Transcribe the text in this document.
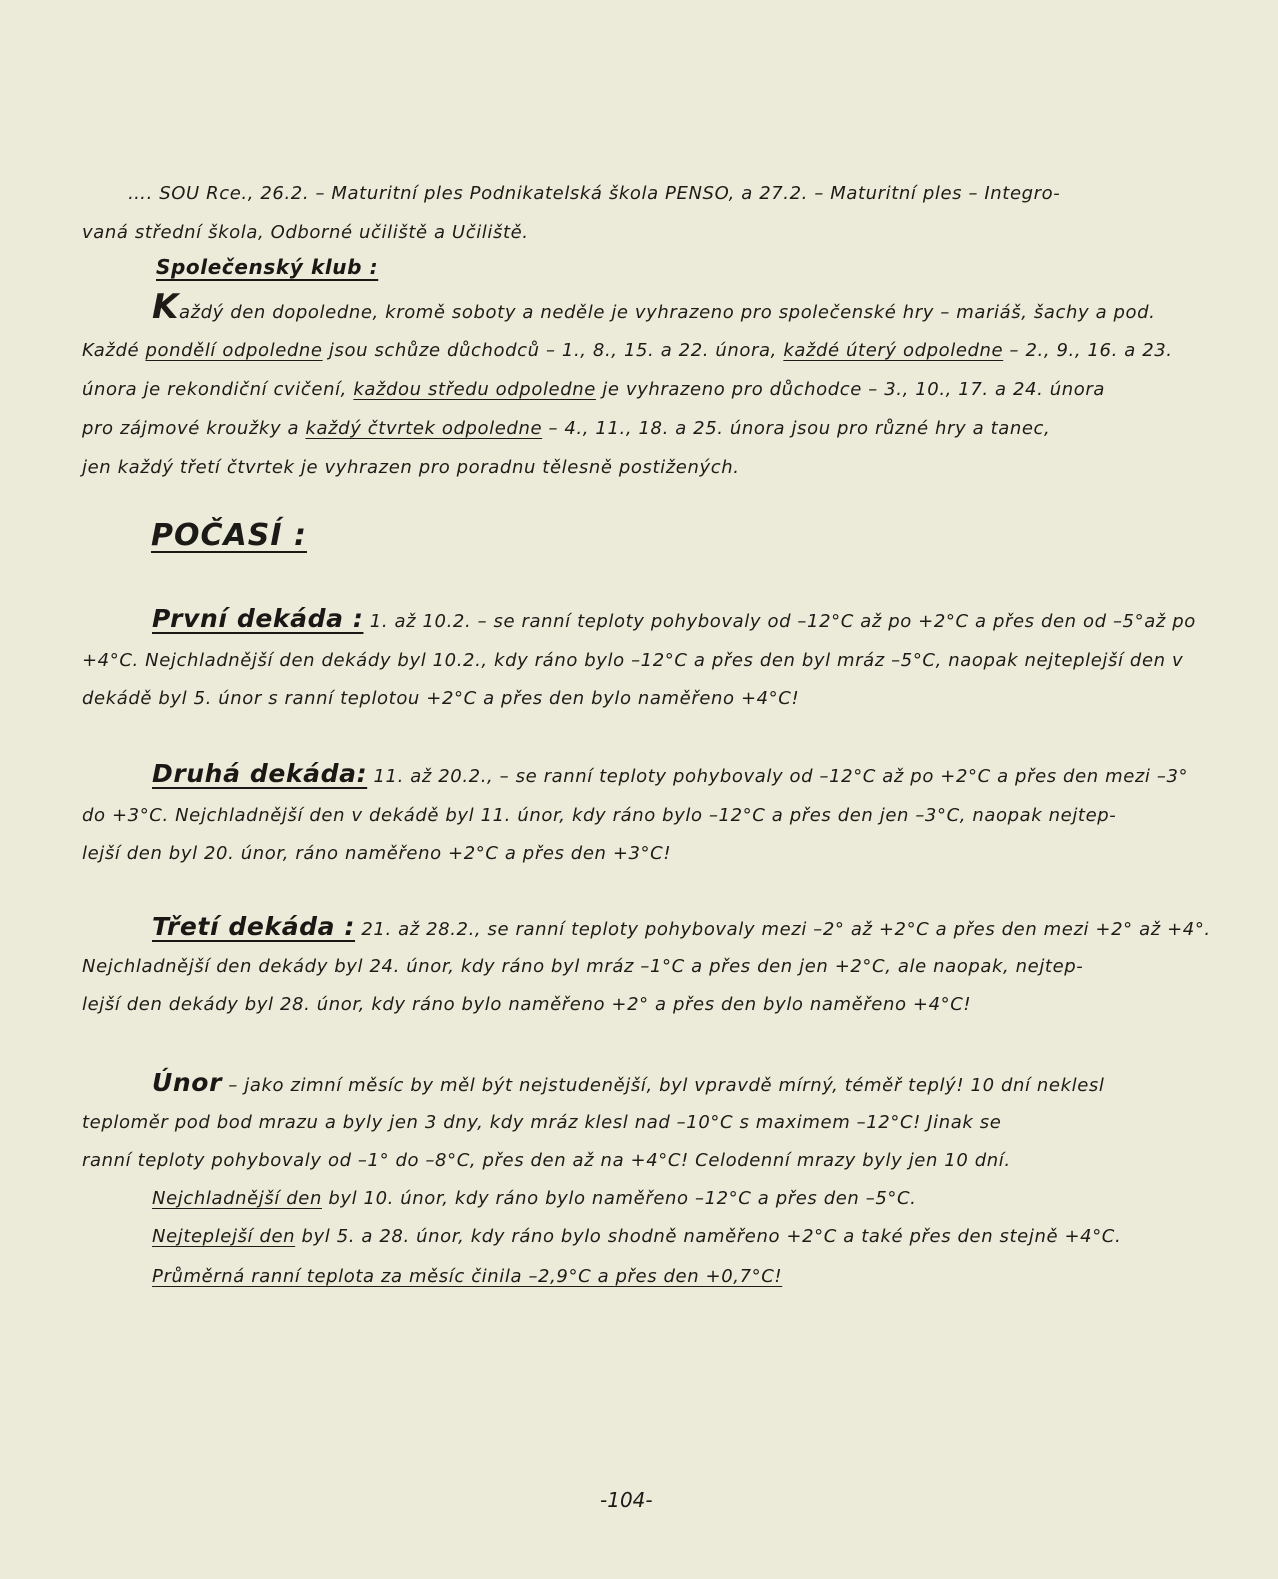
…. SOU Rce., 26.2. – Maturitní ples Podnikatelská škola PENSO, a 27.2. – Maturitní ples – Integro-
vaná střední škola, Odborné učiliště a Učiliště.
Společenský klub :
Každý den dopoledne, kromě soboty a neděle je vyhrazeno pro společenské hry – mariáš, šachy a pod.
Každé pondělí odpoledne jsou schůze důchodců – 1., 8., 15. a 22. února, každé úterý odpoledne – 2., 9., 16. a 23.
února je rekondiční cvičení, každou středu odpoledne je vyhrazeno pro důchodce – 3., 10., 17. a 24. února
pro zájmové kroužky a každý čtvrtek odpoledne – 4., 11., 18. a 25. února jsou pro různé hry a tanec,
jen každý třetí čtvrtek je vyhrazen pro poradnu tělesně postižených.
POČASÍ :
První dekáda : 1. až 10.2. – se ranní teploty pohybovaly od –12°C až po +2°C a přes den od –5°až po
+4°C. Nejchladnější den dekády byl 10.2., kdy ráno bylo –12°C a přes den byl mráz –5°C, naopak nejteplejší den v
dekádě byl 5. únor s ranní teplotou +2°C a přes den bylo naměřeno +4°C!
Druhá dekáda: 11. až 20.2., – se ranní teploty pohybovaly od –12°C až po +2°C a přes den mezi –3°
do +3°C. Nejchladnější den v dekádě byl 11. únor, kdy ráno bylo –12°C a přes den jen –3°C, naopak nejtep-
lejší den byl 20. únor, ráno naměřeno +2°C a přes den +3°C!
Třetí dekáda : 21. až 28.2., se ranní teploty pohybovaly mezi –2° až +2°C a přes den mezi +2° až +4°.
Nejchladnější den dekády byl 24. únor, kdy ráno byl mráz –1°C a přes den jen +2°C, ale naopak, nejtep-
lejší den dekády byl 28. únor, kdy ráno bylo naměřeno +2° a přes den bylo naměřeno +4°C!
Únor – jako zimní měsíc by měl být nejstudenější, byl vpravdě mírný, téměř teplý! 10 dní neklesl
teploměr pod bod mrazu a byly jen 3 dny, kdy mráz klesl nad –10°C s maximem –12°C! Jinak se
ranní teploty pohybovaly od –1° do –8°C, přes den až na +4°C! Celodenní mrazy byly jen 10 dní.
Nejchladnější den byl 10. únor, kdy ráno bylo naměřeno –12°C a přes den –5°C.
Nejteplejší den byl 5. a 28. únor, kdy ráno bylo shodně naměřeno +2°C a také přes den stejně +4°C.
Průměrná ranní teplota za měsíc činila –2,9°C a přes den +0,7°C!
-104-
